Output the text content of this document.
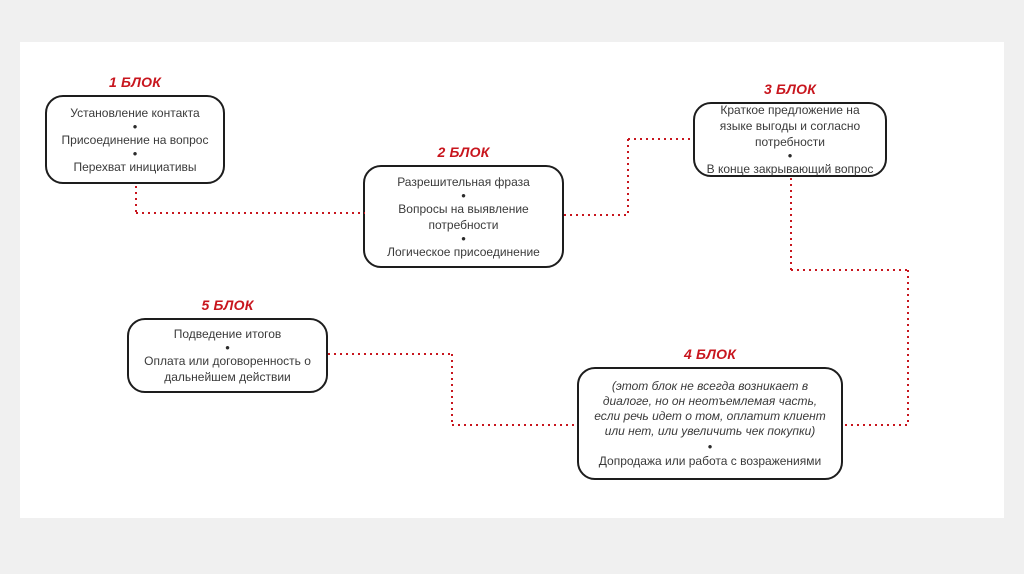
1 БЛОК
Установление контакта
•
Присоединение на вопрос
•
Перехват инициативы
2 БЛОК
Разрешительная фраза
•
Вопросы на выявление потребности
•
Логическое присоединение
3 БЛОК
Краткое предложение на языке выгоды и согласно потребности
•
В конце закрывающий вопрос
4 БЛОК
(этот блок не всегда возникает в диалоге, но он неотъемлемая часть, если речь идет о том, оплатит клиент или нет, или увеличить чек покупки)
•
Допродажа или работа с возражениями
5 БЛОК
Подведение итогов
•
Оплата или договоренность о дальнейшем действии
